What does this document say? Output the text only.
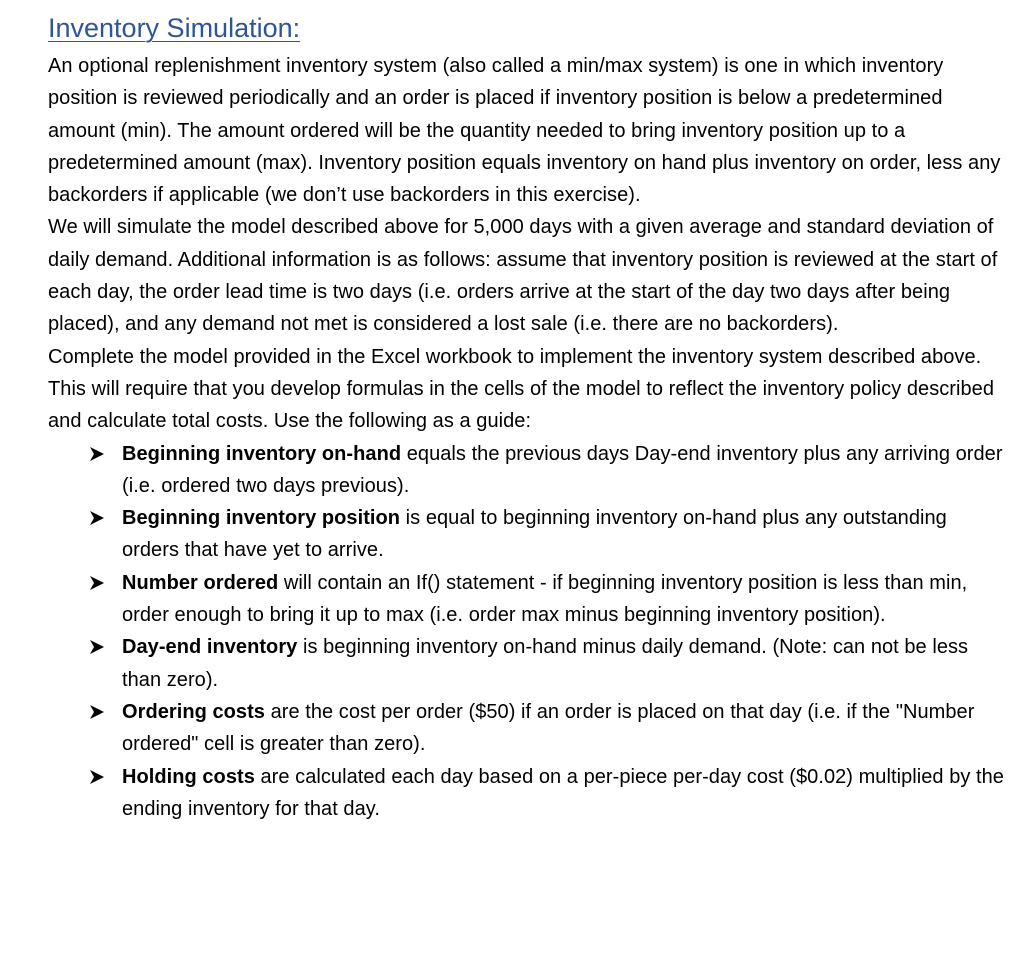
Inventory Simulation:

An optional replenishment inventory system (also called a min/max system) is one in which inventory position is reviewed periodically and an order is placed if inventory position is below a predetermined amount (min). The amount ordered will be the quantity needed to bring inventory position up to a predetermined amount (max). Inventory position equals inventory on hand plus inventory on order, less any backorders if applicable (we don’t use backorders in this exercise).

We will simulate the model described above for 5,000 days with a given average and standard deviation of daily demand. Additional information is as follows: assume that inventory position is reviewed at the start of each day, the order lead time is two days (i.e. orders arrive at the start of the day two days after being placed), and any demand not met is considered a lost sale (i.e. there are no backorders).

Complete the model provided in the Excel workbook to implement the inventory system described above. This will require that you develop formulas in the cells of the model to reflect the inventory policy described and calculate total costs. Use the following as a guide:

Beginning inventory on-hand equals the previous days Day-end inventory plus any arriving order (i.e. ordered two days previous).
Beginning inventory position is equal to beginning inventory on-hand plus any outstanding orders that have yet to arrive.
Number ordered will contain an If() statement - if beginning inventory position is less than min, order enough to bring it up to max (i.e. order max minus beginning inventory position).
Day-end inventory is beginning inventory on-hand minus daily demand. (Note: can not be less than zero).
Ordering costs are the cost per order ($50) if an order is placed on that day (i.e. if the "Number ordered" cell is greater than zero).
Holding costs are calculated each day based on a per-piece per-day cost ($0.02) multiplied by the ending inventory for that day.
